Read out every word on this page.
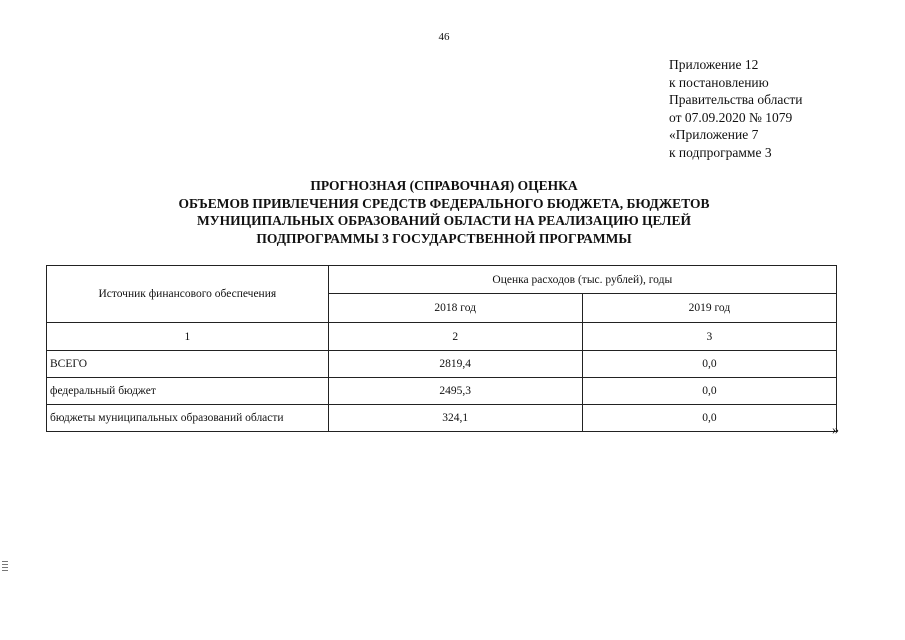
46
Приложение 12
к постановлению
Правительства области
от 07.09.2020 № 1079
«Приложение 7
к подпрограмме 3
ПРОГНОЗНАЯ (СПРАВОЧНАЯ) ОЦЕНКА
ОБЪЕМОВ ПРИВЛЕЧЕНИЯ СРЕДСТВ ФЕДЕРАЛЬНОГО БЮДЖЕТА, БЮДЖЕТОВ
МУНИЦИПАЛЬНЫХ ОБРАЗОВАНИЙ ОБЛАСТИ НА РЕАЛИЗАЦИЮ ЦЕЛЕЙ
ПОДПРОГРАММЫ 3 ГОСУДАРСТВЕННОЙ ПРОГРАММЫ
Источник финансового обеспечения	Оценка расходов (тыс. рублей), годы	
	2018 год	2019 год
1	2	3
ВСЕГО	2819,4	0,0
федеральный бюджет	2495,3	0,0
бюджеты муниципальных образований области	324,1	0,0
»
